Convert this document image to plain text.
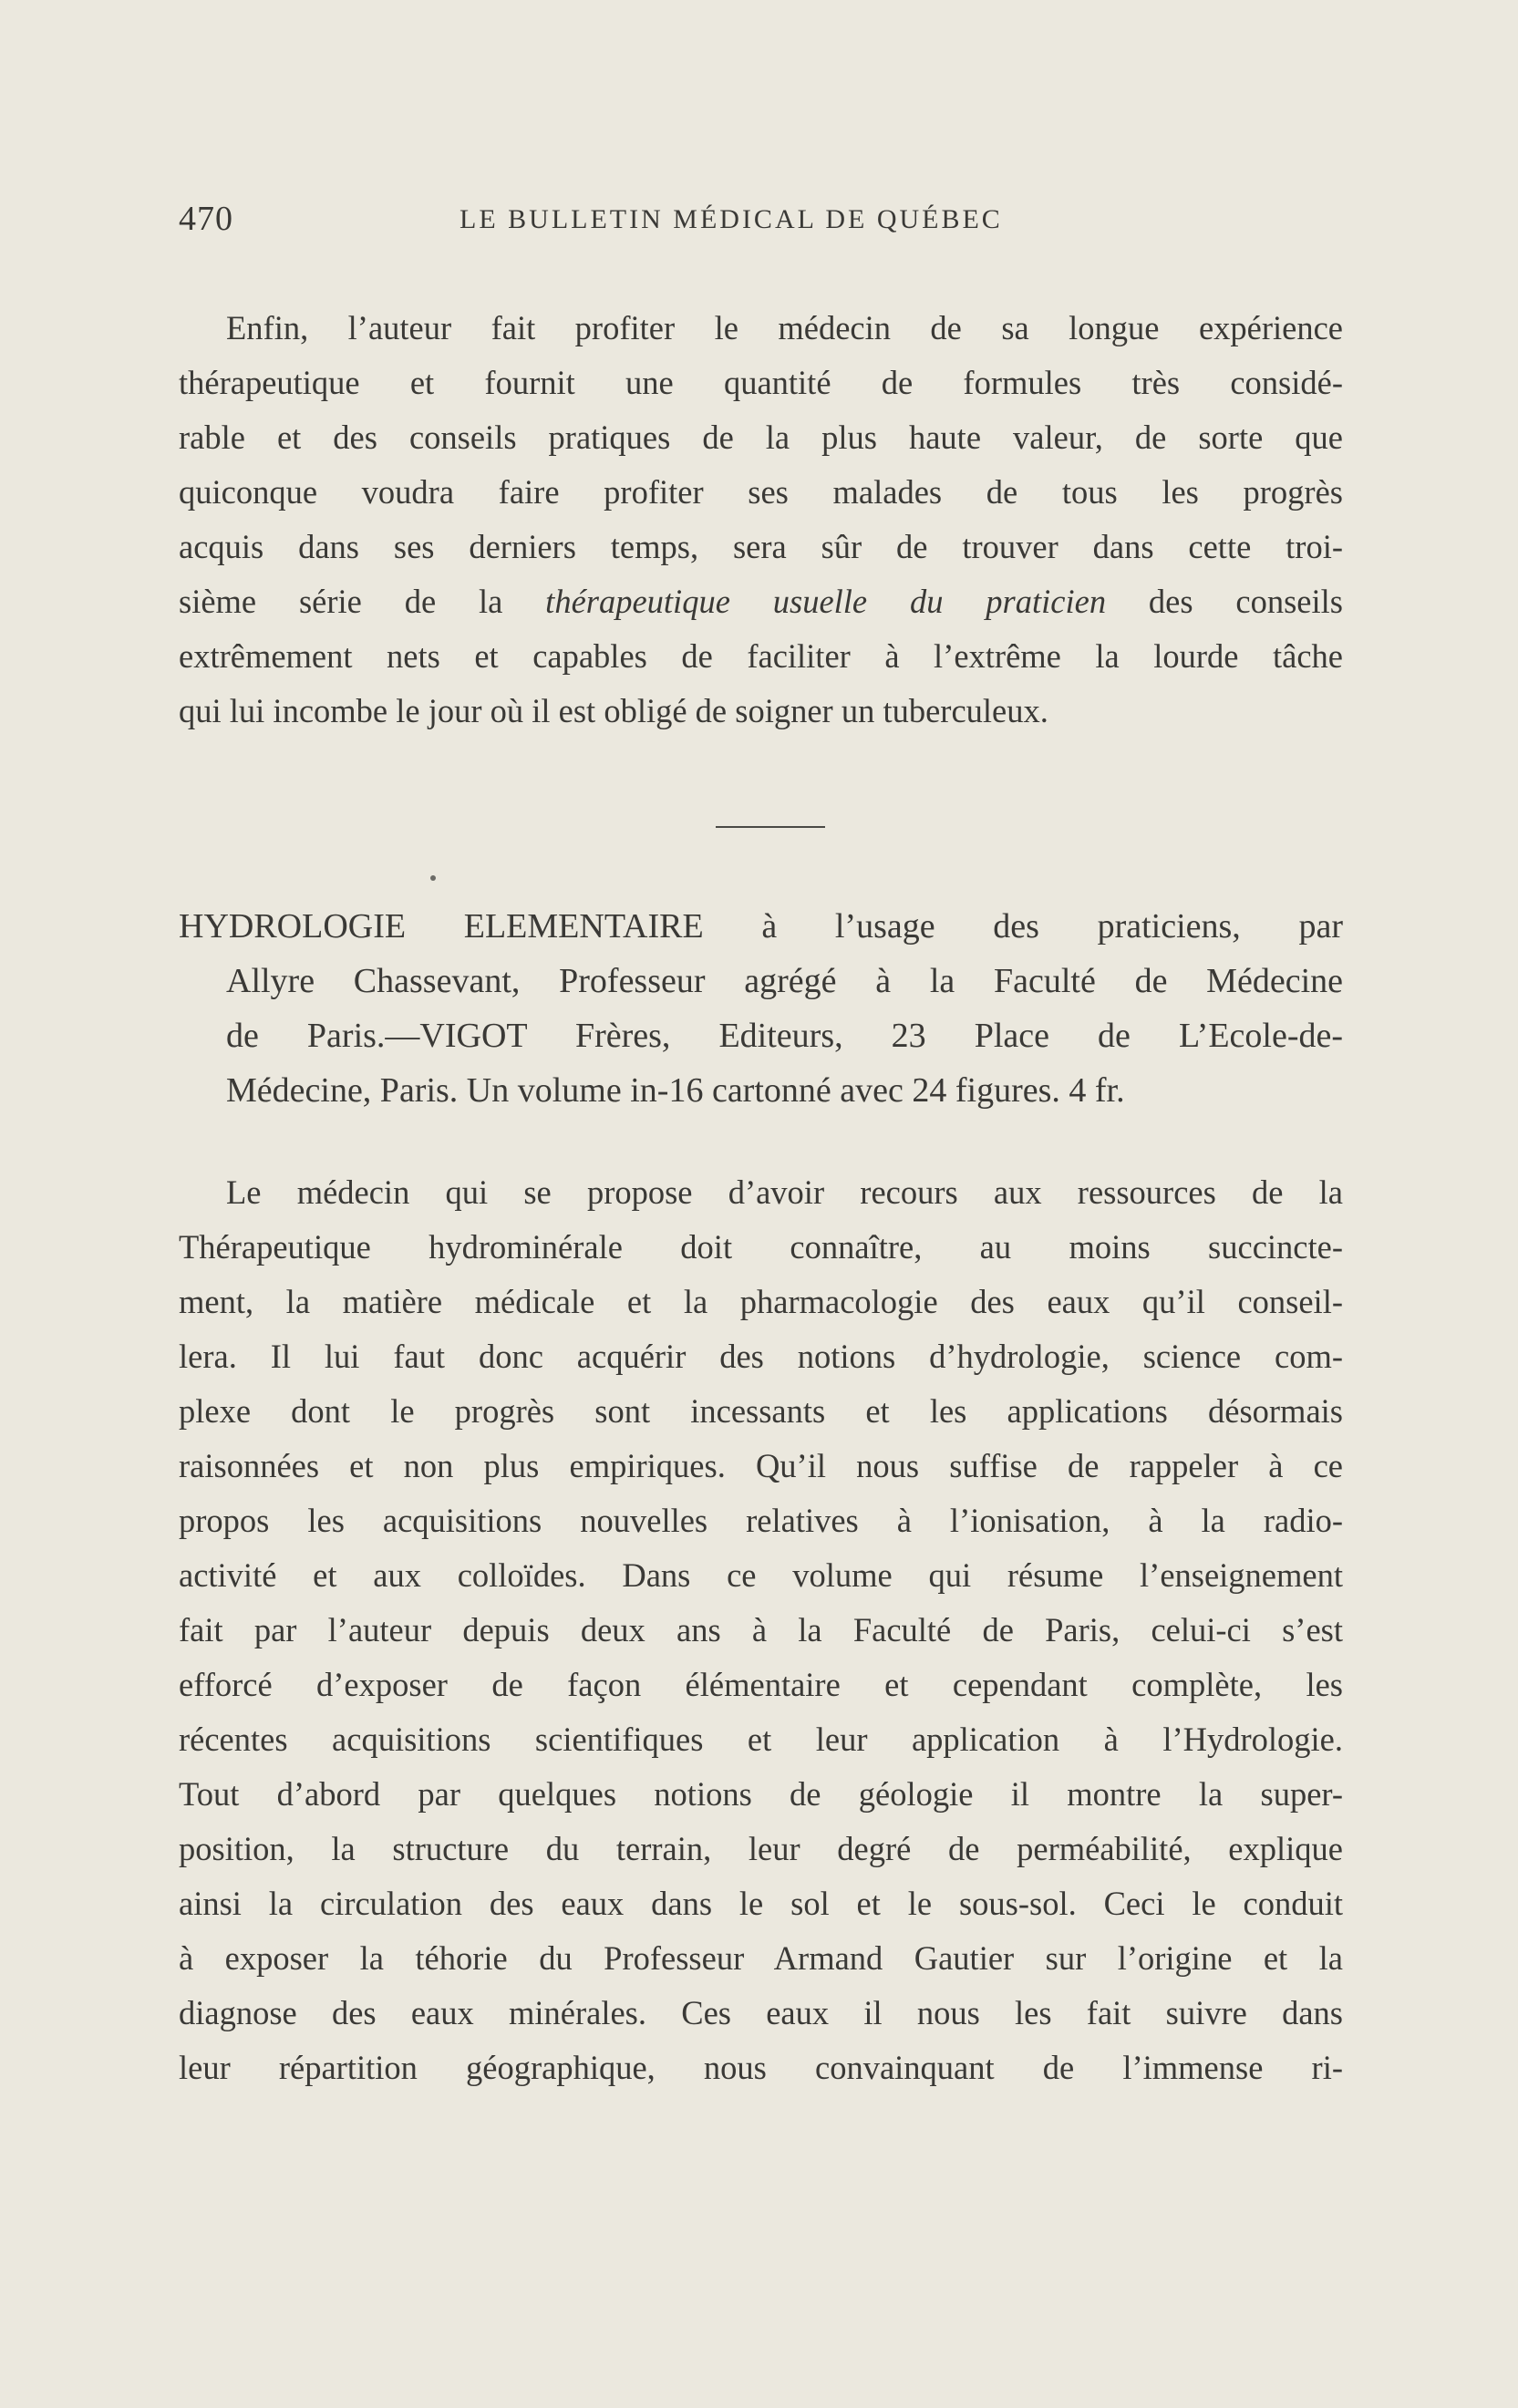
470	LE BULLETIN MÉDICAL DE QUÉBEC
Enfin, l’auteur fait profiter le médecin de sa longue expérience
thérapeutique et fournit une quantité de formules très considé-
rable et des conseils pratiques de la plus haute valeur, de sorte que
quiconque voudra faire profiter ses malades de tous les progrès
acquis dans ses derniers temps, sera sûr de trouver dans cette troi-
sième série de la thérapeutique usuelle du praticien des conseils
extrêmement nets et capables de faciliter à l’extrême la lourde tâche
qui lui incombe le jour où il est obligé de soigner un tuberculeux.
HYDROLOGIE ELEMENTAIRE à l’usage des praticiens, par
Allyre Chassevant, Professeur agrégé à la Faculté de Médecine
de Paris.—VIGOT Frères, Editeurs, 23 Place de L’Ecole-de-
Médecine, Paris. Un volume in-16 cartonné avec 24 figures. 4 fr.
Le médecin qui se propose d’avoir recours aux ressources de la
Thérapeutique hydrominérale doit connaître, au moins succincte-
ment, la matière médicale et la pharmacologie des eaux qu’il conseil-
lera. Il lui faut donc acquérir des notions d’hydrologie, science com-
plexe dont le progrès sont incessants et les applications désormais
raisonnées et non plus empiriques. Qu’il nous suffise de rappeler à ce
propos les acquisitions nouvelles relatives à l’ionisation, à la radio-
activité et aux colloïdes. Dans ce volume qui résume l’enseignement
fait par l’auteur depuis deux ans à la Faculté de Paris, celui-ci s’est
efforcé d’exposer de façon élémentaire et cependant complète, les
récentes acquisitions scientifiques et leur application à l’Hydrologie.
Tout d’abord par quelques notions de géologie il montre la super-
position, la structure du terrain, leur degré de perméabilité, explique
ainsi la circulation des eaux dans le sol et le sous-sol. Ceci le conduit
à exposer la téhorie du Professeur Armand Gautier sur l’origine et la
diagnose des eaux minérales. Ces eaux il nous les fait suivre dans
leur répartition géographique, nous convainquant de l’immense ri-
